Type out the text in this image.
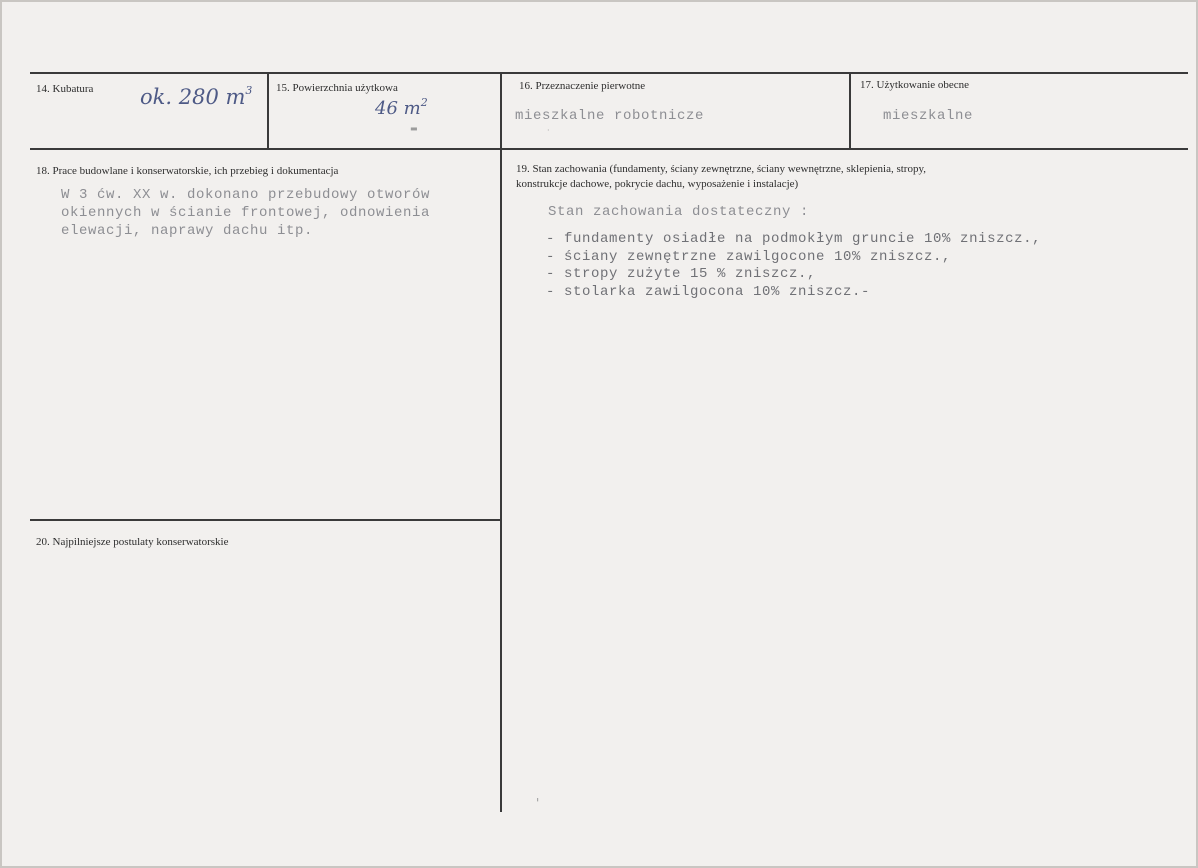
14. Kubatura ok. 280 $m^3$ 15. Powierzchnia użytkowa
46 $m^2$
16. Przeznaczenie pierwotne
mieszkalne robotnicze
17. Użytkowanie obecne
mieszkalne
18. Prace budowlane i konserwatorskie, ich przebieg i dokumentacja
W 3 ćw. XX w. dokonano przebudowy otworów
okiennych w ścianie frontowej, odnowienia
elewacji, naprawy dachu itp.
19. Stan zachowania (fundamenty, ściany zewnętrzne, ściany wewnętrzne, sklepienia, stropy,
konstrukcje dachowe, pokrycie dachu, wyposażenie i instalacje)
Stan zachowania dostateczny :
- fundamenty osiadłe na podmokłym gruncie 10% zniszcz.,
- ściany zewnętrzne zawilgocone 10% zniszcz.,
- stropy zużyte 15 % zniszcz.,
- stolarka zawilgocona 10% zniszcz.-
20. Najpilniejsze postulaty konserwatorskie
▬	·
'
